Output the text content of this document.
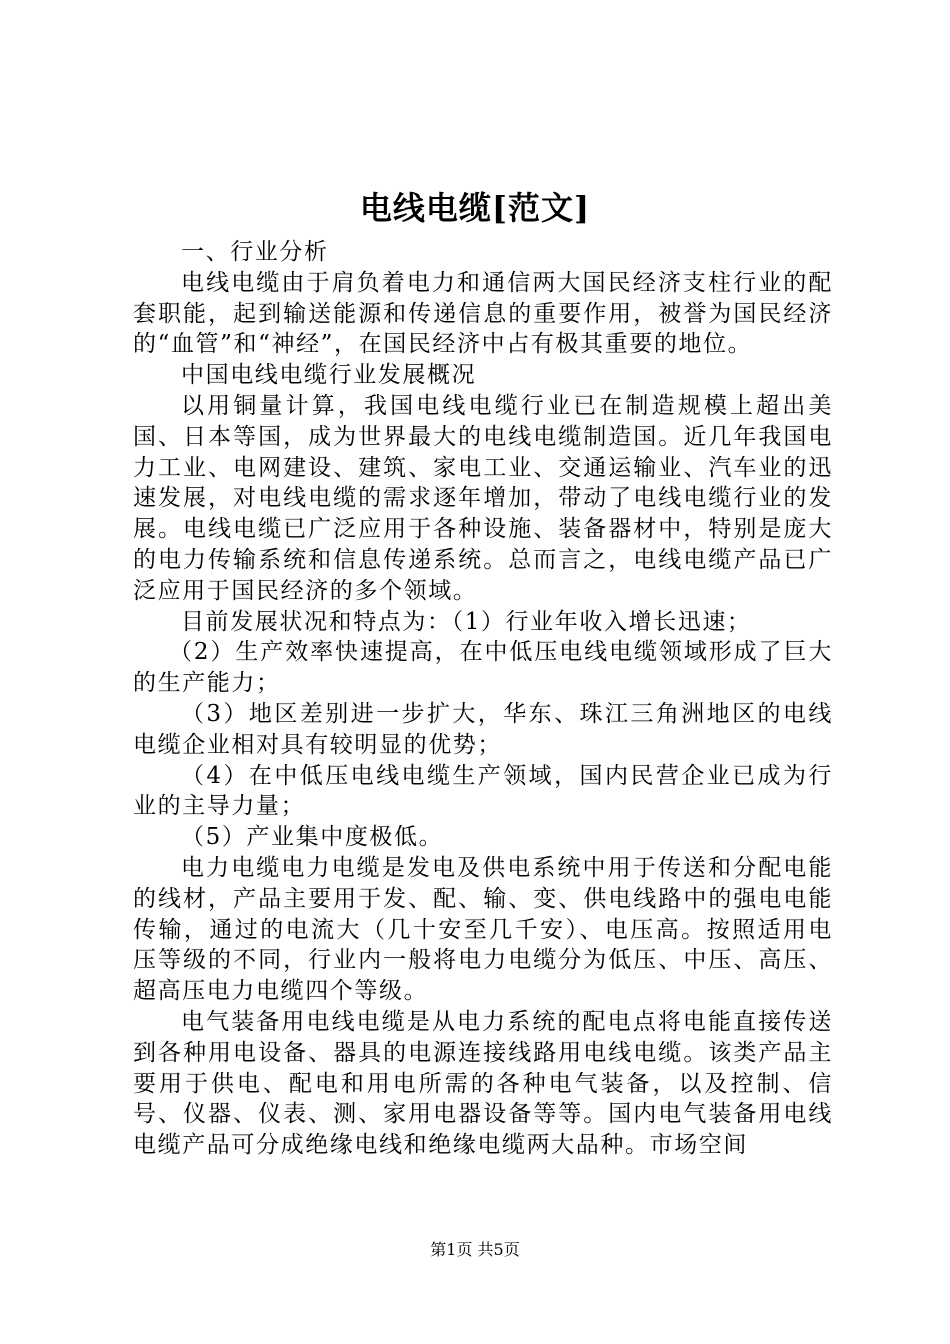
电线电缆[范文]

一、行业分析

电线电缆由于肩负着电力和通信两大国民经济支柱行业的配套职能，起到输送能源和传递信息的重要作用，被誉为国民经济的“血管”和“神经”，在国民经济中占有极其重要的地位。

中国电线电缆行业发展概况

以用铜量计算，我国电线电缆行业已在制造规模上超出美国、日本等国，成为世界最大的电线电缆制造国。近几年我国电力工业、电网建设、建筑、家电工业、交通运输业、汽车业的迅速发展，对电线电缆的需求逐年增加，带动了电线电缆行业的发展。电线电缆已广泛应用于各种设施、装备器材中，特别是庞大的电力传输系统和信息传递系统。总而言之，电线电缆产品已广泛应用于国民经济的多个领域。

目前发展状况和特点为：（1）行业年收入增长迅速；

（2）生产效率快速提高，在中低压电线电缆领域形成了巨大的生产能力；

（3）地区差别进一步扩大，华东、珠江三角洲地区的电线电缆企业相对具有较明显的优势；

（4）在中低压电线电缆生产领域，国内民营企业已成为行业的主导力量；

（5）产业集中度极低。

电力电缆电力电缆是发电及供电系统中用于传送和分配电能的线材，产品主要用于发、配、输、变、供电线路中的强电电能传输，通过的电流大（几十安至几千安）、电压高。按照适用电压等级的不同，行业内一般将电力电缆分为低压、中压、高压、超高压电力电缆四个等级。

电气装备用电线电缆是从电力系统的配电点将电能直接传送到各种用电设备、器具的电源连接线路用电线电缆。该类产品主要用于供电、配电和用电所需的各种电气装备，以及控制、信号、仪器、仪表、测、家用电器设备等等。国内电气装备用电线电缆产品可分成绝缘电线和绝缘电缆两大品种。市场空间

第1页 共5页
